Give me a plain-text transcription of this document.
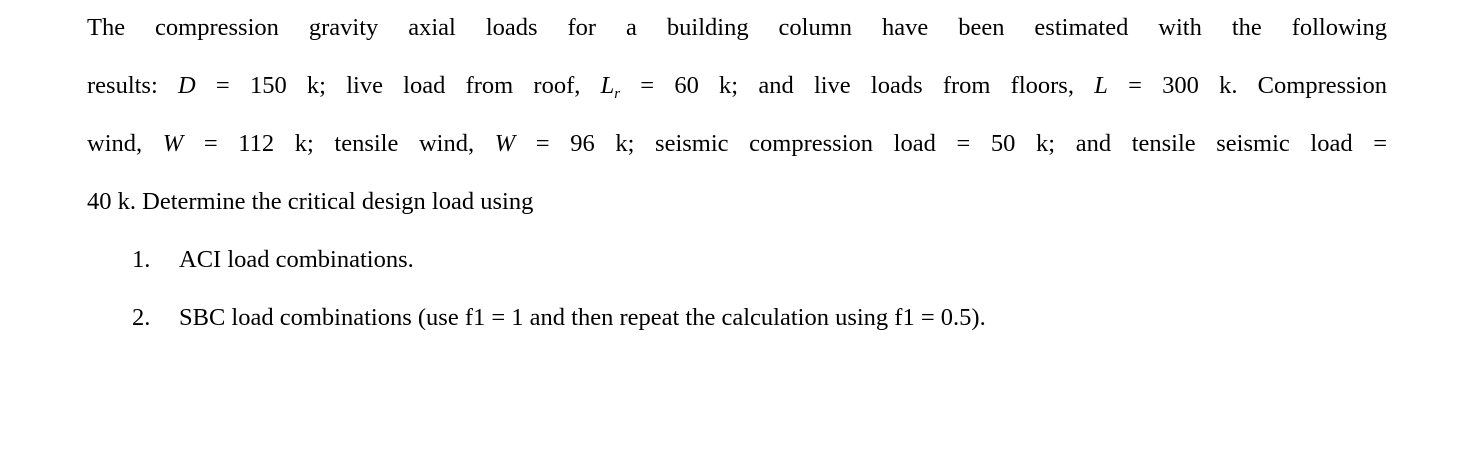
The compression gravity axial loads for a building column have been estimated with the following
results: D = 150 k; live load from roof, $L_r = 60$ k; and live loads from floors, L = 300 k. Compression
wind, W = 112 k; tensile wind, W = 96 k; seismic compression load = 50 k; and tensile seismic load =
40 k. Determine the critical design load using

1. ACI load combinations.
2. SBC load combinations (use f1 = 1 and then repeat the calculation using f1 = 0.5).
